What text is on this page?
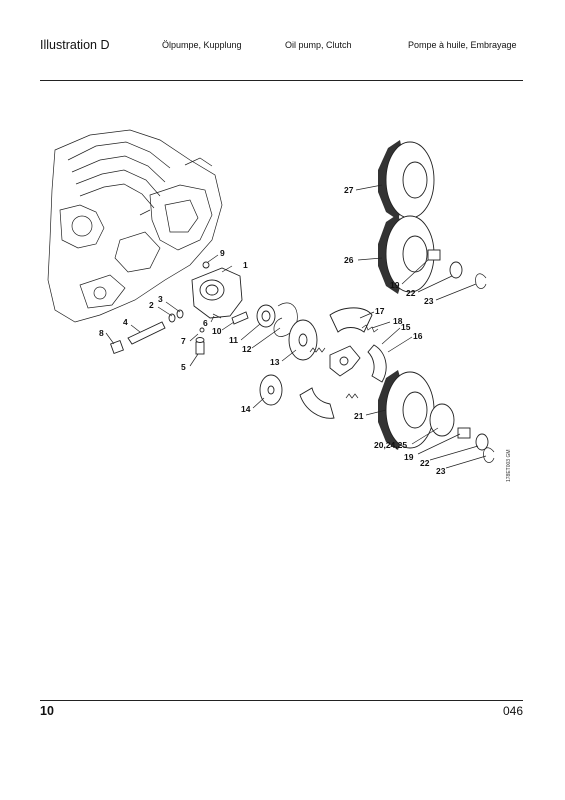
Illustration D	Ölpumpe, Kupplung	Oil pump, Clutch	Pompe à huile, Embrayage
27
26
19
22
23
1
9
2
3
4
8
5
7
6
10
11
12
13
14
17
18
15
16
21
20,24,25
19
22
23	178ET003 GM
10	046
